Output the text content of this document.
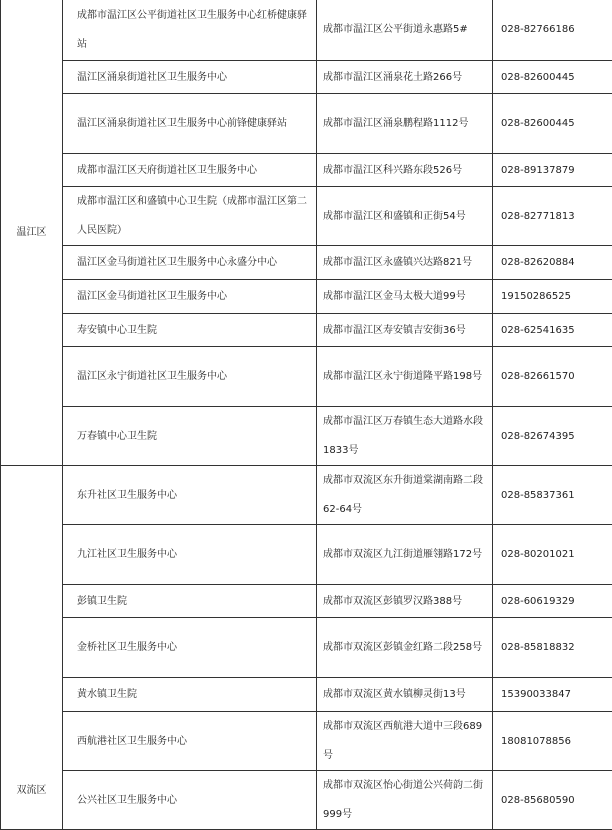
温江区	成都市温江区公平街道社区卫生服务中心红桥健康驿站	成都市温江区公平街道永惠路5#	028-82766186
	温江区涌泉街道社区卫生服务中心	成都市温江区涌泉花土路266号	028-82600445
	温江区涌泉街道社区卫生服务中心前锋健康驿站	成都市温江区涌泉鹏程路1112号	028-82600445
	成都市温江区天府街道社区卫生服务中心	成都市温江区科兴路东段526号	028-89137879
	成都市温江区和盛镇中心卫生院（成都市温江区第二人民医院）	成都市温江区和盛镇和正街54号	028-82771813
	温江区金马街道社区卫生服务中心永盛分中心	成都市温江区永盛镇兴达路821号	028-82620884
	温江区金马街道社区卫生服务中心	成都市温江区金马太极大道99号	19150286525
	寿安镇中心卫生院	成都市温江区寿安镇吉安街36号	028-62541635
	温江区永宁街道社区卫生服务中心	成都市温江区永宁街道隆平路198号	028-82661570
	万春镇中心卫生院	成都市温江区万春镇生态大道路水段1833号	028-82674395
双流区	东升社区卫生服务中心	成都市双流区东升街道棠湖南路二段62-64号	028-85837361
	九江社区卫生服务中心	成都市双流区九江街道雁翎路172号	028-80201021
	彭镇卫生院	成都市双流区彭镇罗汉路388号	028-60619329
	金桥社区卫生服务中心	成都市双流区彭镇金红路二段258号	028-85818832
	黄水镇卫生院	成都市双流区黄水镇柳灵街13号	15390033847
	西航港社区卫生服务中心	成都市双流区西航港大道中三段689号	18081078856
	公兴社区卫生服务中心	成都市双流区怡心街道公兴荷韵二街999号	028-85680590
